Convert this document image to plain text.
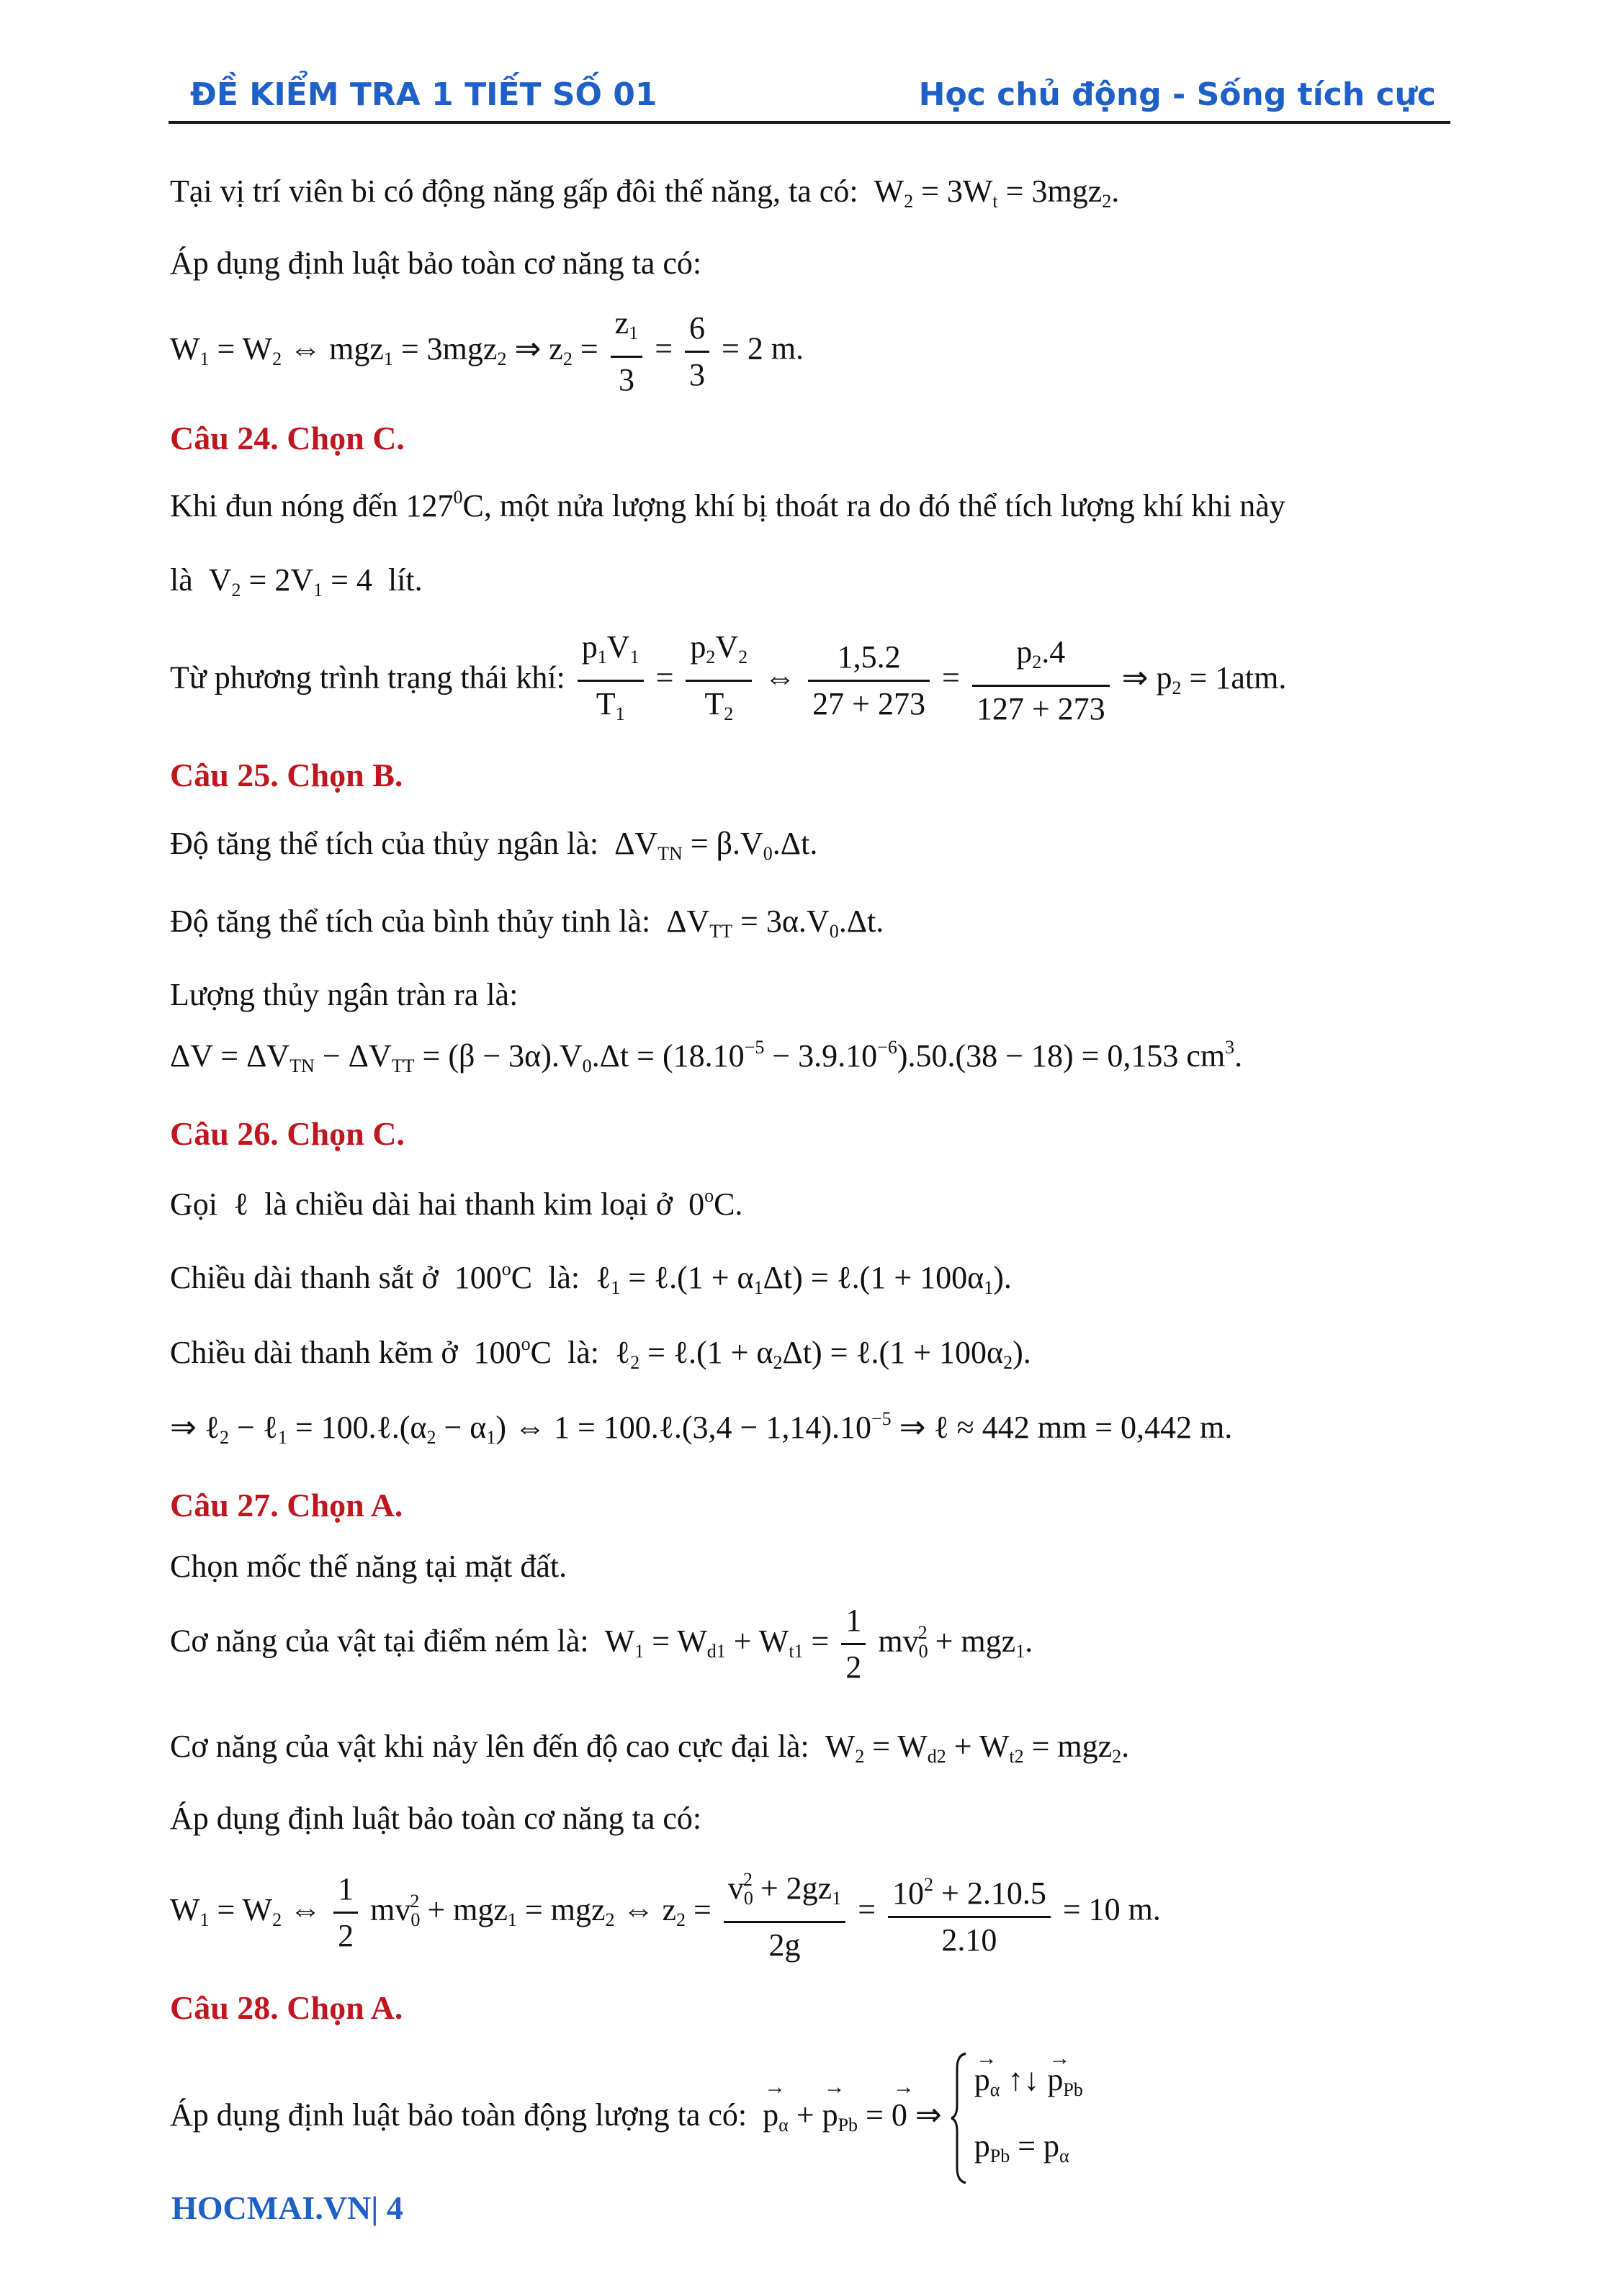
ĐỀ KIỂM TRA 1 TIẾT SỐ 01	Học chủ động - Sống tích cực
Tại vị trí viên bi có động năng gấp đôi thế năng, ta có:  $W_2 = 3W_t = 3mgz_2$.
Áp dụng định luật bảo toàn cơ năng ta có:
$W_1 = W_2$ ⇔ mgz$_1$ = 3mgz$_2$ ⇒ $z_2 = \frac{z_1}{3} = \frac{6}{3} = 2$ m.
Câu 24. Chọn C.
Khi đun nóng đến $127^0C$, một nửa lượng khí bị thoát ra do đó thể tích lượng khí khi này
là  $V_2 = 2V_1 = 4$  lít.
Từ phương trình trạng thái khí: $\frac{p_1V_1}{T_1} = \frac{p_2V_2}{T_2}$ ⇔ $\frac{1,5.2}{27 + 273} = \frac{p_2.4}{127 + 273}$ ⇒ $p_2 = 1atm$.
Câu 25. Chọn B.
Độ tăng thể tích của thủy ngân là:  $\Delta V_{TN} = \beta.V_0.\Delta t$.
Độ tăng thể tích của bình thủy tinh là:  $\Delta V_{TT} = 3\alpha.V_0.\Delta t$.
Lượng thủy ngân tràn ra là:
$\Delta V = \Delta V_{TN} - \Delta V_{TT} = (\beta - 3\alpha).V_0.\Delta t = (18.10^{-5} - 3.9.10^{-6}).50.(38 - 18) = 0,153$ $cm^3$.
Câu 26. Chọn C.
Gọi  ℓ  là chiều dài hai thanh kim loại ở  0$^o$C.
Chiều dài thanh sắt ở  100$^o$C  là:  ℓ$_1$ = ℓ.(1 + $\alpha_1\Delta t$) = ℓ.(1 + $100\alpha_1$).
Chiều dài thanh kẽm ở  100$^o$C  là:  ℓ$_2$ = ℓ.(1 + $\alpha_2\Delta t$) = ℓ.(1 + $100\alpha_2$).
⇒ ℓ$_2$ − ℓ$_1$ = $100.\ell.(\alpha_2 - \alpha_1)$ ⇔ 1 = 100.ℓ.(3,4 − $1,14).10^{-5}$ ⇒ ℓ ≈ 442 mm = 0,442 m.
Câu 27. Chọn A.
Chọn mốc thế năng tại mặt đất.
Cơ năng của vật tại điểm ném là:  $W_1 = W_{d1} + W_{t1} = \frac{1}{2} mv_0^2 + mgz_1$.
Cơ năng của vật khi nảy lên đến độ cao cực đại là:  $W_2 = W_{d2} + W_{t2} = mgz_2$.
Áp dụng định luật bảo toàn cơ năng ta có:
$W_1 = W_2$ ⇔ $\frac{1}{2} mv_0^2 + mgz_1 = mgz_2$ ⇔ $z_2 = \frac{v_0^2 + 2gz_1}{2g} = \frac{10^2 + 2.10.5}{2.10} = 10$ m.
Câu 28. Chọn A.
Áp dụng định luật bảo toàn động lượng ta có:  → $p_\alpha$ + → $p_{Pb}$ = → 0 ⇒
→ $p_\alpha$ ↑↓ → $p_{Pb}$
$p_{Pb} = p_\alpha$
HOCMAI.VN| 4
